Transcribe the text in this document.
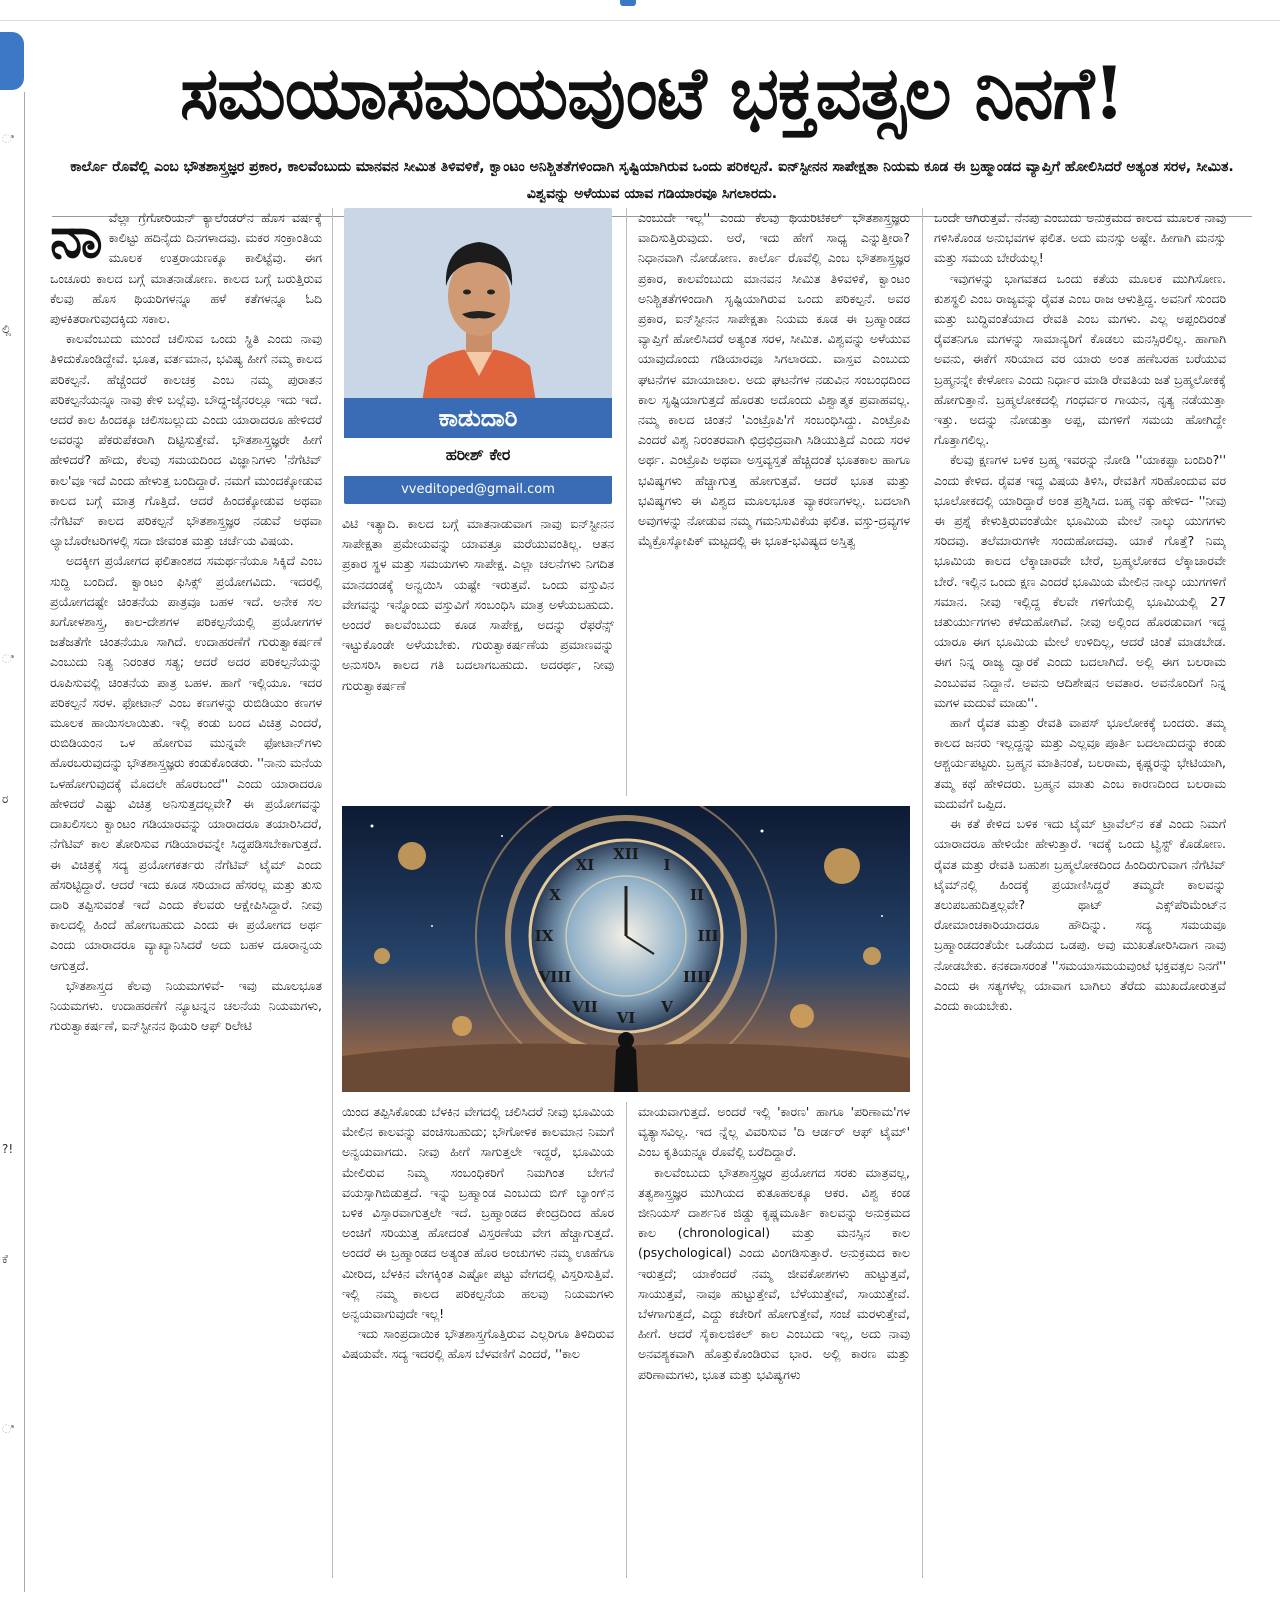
ಿ
ಲ್ಲಿ
ಿ
ರ
?!
ಕೆ
ಿ
ಸಮಯಾಸಮಯವುಂಟೆ ಭಕ್ತವತ್ಸಲ ನಿನಗೆ!

ಕಾರ್ಲೊ ರೊವೆಲ್ಲಿ ಎಂಬ ಭೌತಶಾಸ್ತ್ರಜ್ಞರ ಪ್ರಕಾರ, ಕಾಲವೆಂಬುದು ಮಾನವನ ಸೀಮಿತ ತಿಳಿವಳಿಕೆ, ಕ್ವಾಂಟಂ ಅನಿಶ್ಚಿತತೆಗಳಿಂದಾಗಿ ಸೃಷ್ಟಿಯಾಗಿರುವ ಒಂದು ಪರಿಕಲ್ಪನೆ. ಐನ್‌ಸ್ಟೀನನ ಸಾಪೇಕ್ಷತಾ ನಿಯಮ ಕೂಡ ಈ ಬ್ರಹ್ಮಾಂಡದ ವ್ಯಾಪ್ತಿಗೆ ಹೋಲಿಸಿದರೆ ಅತ್ಯಂತ ಸರಳ, ಸೀಮಿತ. ವಿಶ್ವವನ್ನು ಅಳೆಯುವ ಯಾವ ಗಡಿಯಾರವೂ ಸಿಗಲಾರದು.

ನಾ ವೆಲ್ಲಾ ಗ್ರೆಗೋರಿಯನ್ ಕ್ಯಾಲೆಂಡರ್‌ನ ಹೊಸ ವರ್ಷಕ್ಕೆ ಕಾಲಿಟ್ಟು ಹದಿನೈದು ದಿನಗಳಾದವು. ಮಕರ ಸಂಕ್ರಾಂತಿಯ ಮೂಲಕ ಉತ್ತರಾಯಣಕ್ಕೂ ಕಾಲಿಟ್ಟೆವು. ಈಗ ಒಂಚೂರು ಕಾಲದ ಬಗ್ಗೆ ಮಾತನಾಡೋಣ. ಕಾಲದ ಬಗ್ಗೆ ಬರುತ್ತಿರುವ ಕೆಲವು ಹೊಸ ಥಿಯರಿಗಳನ್ನೂ ಹಳೆ ಕತೆಗಳನ್ನೂ ಓದಿ ಪುಳಕಿತರಾಗುವುದಕ್ಕಿದು ಸಕಾಲ.

ಕಾಲವೆಂಬುದು ಮುಂದೆ ಚಲಿಸುವ ಒಂದು ಸ್ಥಿತಿ ಎಂದು ನಾವು ತಿಳಿದುಕೊಂಡಿದ್ದೇವೆ. ಭೂತ, ವರ್ತಮಾನ, ಭವಿಷ್ಯ ಹೀಗೆ ನಮ್ಮ ಕಾಲದ ಪರಿಕಲ್ಪನೆ. ಹೆಚ್ಚೆಂದರೆ ಕಾಲಚಕ್ರ ಎಂಬ ನಮ್ಮ ಪುರಾತನ ಪರಿಕಲ್ಪನೆಯನ್ನೂ ನಾವು ಕೇಳಿ ಬಲ್ಲೆವು. ಬೌದ್ಧ-ಜೈನರಲ್ಲೂ ಇದು ಇದೆ. ಆದರೆ ಕಾಲ ಹಿಂದಕ್ಕೂ ಚಲಿಸಬಲ್ಲುದು ಎಂದು ಯಾರಾದರೂ ಹೇಳಿದರೆ ಅವರನ್ನು ಪೆಕರುಪೆಕರಾಗಿ ದಿಟ್ಟಿಸುತ್ತೇವೆ. ಭೌತಶಾಸ್ತ್ರಜ್ಞರೇ ಹೀಗೆ ಹೇಳಿದರೆ? ಹೌದು, ಕೆಲವು ಸಮಯದಿಂದ ವಿಜ್ಞಾನಿಗಳು 'ನೆಗೆಟಿವ್ ಕಾಲ'ವೂ ಇದೆ ಎಂದು ಹೇಳುತ್ತ ಬಂದಿದ್ದಾರೆ. ನಮಗೆ ಮುಂದಕ್ಕೋಡುವ ಕಾಲದ ಬಗ್ಗೆ ಮಾತ್ರ ಗೊತ್ತಿದೆ. ಆದರೆ ಹಿಂದಕ್ಕೋಡುವ ಅಥವಾ ನೆಗೆಟಿವ್ ಕಾಲದ ಪರಿಕಲ್ಪನೆ ಭೌತಶಾಸ್ತ್ರಜ್ಞರ ನಡುವೆ ಅಥವಾ ಲ್ಯಾಬೊರೇಟರಿಗಳಲ್ಲಿ ಸದಾ ಜೀವಂತ ಮತ್ತು ಚರ್ಚೆಯ ವಿಷಯ.

ಅದಕ್ಕೀಗ ಪ್ರಯೋಗದ ಫಲಿತಾಂಶದ ಸಮರ್ಥನೆಯೂ ಸಿಕ್ಕಿದೆ ಎಂಬ ಸುದ್ದಿ ಬಂದಿದೆ. ಕ್ವಾಂಟಂ ಫಿಸಿಕ್ಸ್ ಪ್ರಯೋಗವಿದು. ಇದರಲ್ಲಿ ಪ್ರಯೋಗದಷ್ಟೇ ಚಿಂತನೆಯ ಪಾತ್ರವೂ ಬಹಳ ಇದೆ. ಅನೇಕ ಸಲ ಖಗೋಳಶಾಸ್ತ್ರ, ಕಾಲ-ದೇಶಗಳ ಪರಿಕಲ್ಪನೆಯಲ್ಲಿ ಪ್ರಯೋಗಗಳ ಜತೆಜತೆಗೇ ಚಿಂತನೆಯೂ ಸಾಗಿದೆ. ಉದಾಹರಣೆಗೆ ಗುರುತ್ವಾಕರ್ಷಣೆ ಎಂಬುದು ನಿತ್ಯ ನಿರಂತರ ಸತ್ಯ; ಆದರೆ ಅದರ ಪರಿಕಲ್ಪನೆಯನ್ನು ರೂಪಿಸುವಲ್ಲಿ ಚಿಂತನೆಯ ಪಾತ್ರ ಬಹಳ. ಹಾಗೆ ಇಲ್ಲಿಯೂ. ಇದರ ಪರಿಕಲ್ಪನೆ ಸರಳ. ಫೋಟಾನ್ ಎಂಬ ಕಣಗಳನ್ನು ರುಬಿಡಿಯಂ ಕಣಗಳ ಮೂಲಕ ಹಾಯಿಸಲಾಯಿತು. ಇಲ್ಲಿ ಕಂಡು ಬಂದ ವಿಚಿತ್ರ ಎಂದರೆ, ರುಬಿಡಿಯಂನ ಒಳ ಹೋಗುವ ಮುನ್ನವೇ ಫೋಟಾನ್‌ಗಳು ಹೊರಬರುವುದನ್ನು ಭೌತಶಾಸ್ತ್ರಜ್ಞರು ಕಂಡುಕೊಂಡರು. ''ನಾನು ಮನೆಯ ಒಳಹೋಗುವುದಕ್ಕೆ ಮೊದಲೇ ಹೊರಬಂದೆ'' ಎಂದು ಯಾರಾದರೂ ಹೇಳಿದರೆ ಎಷ್ಟು ವಿಚಿತ್ರ ಅನಿಸುತ್ತದಲ್ಲವೇ? ಈ ಪ್ರಯೋಗವನ್ನು ದಾಖಲಿಸಲು ಕ್ವಾಂಟಂ ಗಡಿಯಾರವನ್ನು ಯಾರಾದರೂ ತಯಾರಿಸಿದರೆ, ನೆಗೆಟಿವ್ ಕಾಲ ತೋರಿಸುವ ಗಡಿಯಾರವನ್ನೇ ಸಿದ್ಧಪಡಿಸಬೇಕಾಗುತ್ತದೆ. ಈ ವಿಚಿತ್ರಕ್ಕೆ ಸದ್ಯ ಪ್ರಯೋಗಕರ್ತರು ನೆಗೆಟಿವ್ ಟೈಮ್ ಎಂದು ಹೆಸರಿಟ್ಟಿದ್ದಾರೆ. ಆದರೆ ಇದು ಕೂಡ ಸರಿಯಾದ ಹೆಸರಲ್ಲ ಮತ್ತು ತುಸು ದಾರಿ ತಪ್ಪಿಸುವಂತೆ ಇದೆ ಎಂದು ಕೆಲವರು ಆಕ್ಷೇಪಿಸಿದ್ದಾರೆ. ನೀವು ಕಾಲದಲ್ಲಿ ಹಿಂದೆ ಹೋಗಬಹುದು ಎಂದು ಈ ಪ್ರಯೋಗದ ಅರ್ಥ ಎಂದು ಯಾರಾದರೂ ವ್ಯಾಖ್ಯಾನಿಸಿದರೆ ಅದು ಬಹಳ ದೂರಾನ್ವಯ ಆಗುತ್ತದೆ.

ಭೌತಶಾಸ್ತ್ರದ ಕೆಲವು ನಿಯಮಗಳಿವೆ- ಇವು ಮೂಲಭೂತ ನಿಯಮಗಳು. ಉದಾಹರಣೆಗೆ ನ್ಯೂಟನ್ನನ ಚಲನೆಯ ನಿಯಮಗಳು, ಗುರುತ್ವಾಕರ್ಷಣೆ, ಐನ್‌ಸ್ಟೀನನ ಥಿಯರಿ ಆಫ್ ರಿಲೇಟಿ

ಕಾಡುದಾರಿ
ಹರೀಶ್ ಕೇರ
vveditoped@gmail.com

ವಿಟಿ ಇತ್ಯಾದಿ. ಕಾಲದ ಬಗ್ಗೆ ಮಾತನಾಡುವಾಗ ನಾವು ಐನ್‌ಸ್ಟೀನನ ಸಾಪೇಕ್ಷತಾ ಪ್ರಮೇಯವನ್ನು ಯಾವತ್ತೂ ಮರೆಯುವಂತಿಲ್ಲ. ಆತನ ಪ್ರಕಾರ ಸ್ಥಳ ಮತ್ತು ಸಮಯಗಳು ಸಾಪೇಕ್ಷ. ಎಲ್ಲಾ ಚಲನೆಗಳು ನಿಗದಿತ ಮಾನದಂಡಕ್ಕೆ ಅನ್ವಯಿಸಿ ಯಷ್ಟೇ ಇರುತ್ತವೆ. ಒಂದು ವಸ್ತುವಿನ ವೇಗವನ್ನು ಇನ್ನೊಂದು ವಸ್ತುವಿಗೆ ಸಂಬಂಧಿಸಿ ಮಾತ್ರ ಅಳೆಯಬಹುದು. ಅಂದರೆ ಕಾಲವೆಂಬುದು ಕೂಡ ಸಾಪೇಕ್ಷ, ಅದನ್ನು ರೆಫರೆನ್ಸ್ ಇಟ್ಟುಕೊಂಡೇ ಅಳೆಯಬೇಕು. ಗುರುತ್ವಾಕರ್ಷಣೆಯ ಪ್ರಮಾಣವನ್ನು ಅನುಸರಿಸಿ ಕಾಲದ ಗತಿ ಬದಲಾಗಬಹುದು. ಅದರರ್ಥ, ನೀವು ಗುರುತ್ವಾಕರ್ಷಣೆ

ಯಿಂದ ತಪ್ಪಿಸಿಕೊಂಡು ಬೆಳಕಿನ ವೇಗದಲ್ಲಿ ಚಲಿಸಿದರೆ ನೀವು ಭೂಮಿಯ ಮೇಲಿನ ಕಾಲವನ್ನು ವಂಚಿಸಬಹುದು; ಭೌಗೋಳಿಕ ಕಾಲಮಾನ ನಿಮಗೆ ಅನ್ವಯವಾಗದು. ನೀವು ಹೀಗೆ ಸಾಗುತ್ತಲೇ ಇದ್ದರೆ, ಭೂಮಿಯ ಮೇಲಿರುವ ನಿಮ್ಮ ಸಂಬಂಧಿಕರಿಗೆ ನಿಮಗಿಂತ ಬೇಗನೆ ವಯಸ್ಸಾಗಿಬಿಡುತ್ತದೆ. ಇನ್ನು ಬ್ರಹ್ಮಾಂಡ ಎಂಬುದು ಬಿಗ್ ಬ್ಯಾಂಗ್‌ನ ಬಳಿಕ ವಿಸ್ತಾರವಾಗುತ್ತಲೇ ಇದೆ. ಬ್ರಹ್ಮಾಂಡದ ಕೇಂದ್ರದಿಂದ ಹೊರ ಅಂಚಿಗೆ ಸರಿಯುತ್ತ ಹೋದಂತೆ ವಿಸ್ತರಣೆಯ ವೇಗ ಹೆಚ್ಚಾಗುತ್ತದೆ. ಅಂದರೆ ಈ ಬ್ರಹ್ಮಾಂಡದ ಅತ್ಯಂತ ಹೊರ ಅಂಚುಗಳು ನಮ್ಮ ಊಹೆಗೂ ಮೀರಿದ, ಬೆಳಕಿನ ವೇಗಕ್ಕಿಂತ ಎಷ್ಟೋ ಪಟ್ಟು ವೇಗದಲ್ಲಿ ವಿಸ್ತರಿಸುತ್ತಿವೆ. ಇಲ್ಲಿ ನಮ್ಮ ಕಾಲದ ಪರಿಕಲ್ಪನೆಯ ಹಲವು ನಿಯಮಗಳು ಅನ್ವಯವಾಗುವುದೇ ಇಲ್ಲ!

ಇದು ಸಾಂಪ್ರದಾಯಿಕ ಭೌತಶಾಸ್ತ್ರಗೊತ್ತಿರುವ ಎಲ್ಲರಿಗೂ ತಿಳಿದಿರುವ ವಿಷಯವೇ. ಸದ್ಯ ಇದರಲ್ಲಿ ಹೊಸ ಬೆಳವಣಿಗೆ ಎಂದರೆ, ''ಕಾಲ

ಎಂಬುದೇ ಇಲ್ಲ'' ಎಂದು ಕೆಲವು ಥಿಯರಿಟಿಕಲ್ ಭೌತಶಾಸ್ತ್ರಜ್ಞರು ವಾದಿಸುತ್ತಿರುವುದು. ಅರೆ, ಇದು ಹೇಗೆ ಸಾಧ್ಯ ಎನ್ನುತ್ತೀರಾ? ನಿಧಾನವಾಗಿ ನೋಡೋಣ. ಕಾರ್ಲೊ ರೊವೆಲ್ಲಿ ಎಂಬ ಭೌತಶಾಸ್ತ್ರಜ್ಞರ ಪ್ರಕಾರ, ಕಾಲವೆಂಬುದು ಮಾನವನ ಸೀಮಿತ ತಿಳಿವಳಿಕೆ, ಕ್ವಾಂಟಂ ಅನಿಶ್ಚಿತತೆಗಳಿಂದಾಗಿ ಸೃಷ್ಟಿಯಾಗಿರುವ ಒಂದು ಪರಿಕಲ್ಪನೆ. ಅವರ ಪ್ರಕಾರ, ಐನ್‌ಸ್ಟೀನನ ಸಾಪೇಕ್ಷತಾ ನಿಯಮ ಕೂಡ ಈ ಬ್ರಹ್ಮಾಂಡದ ವ್ಯಾಪ್ತಿಗೆ ಹೋಲಿಸಿದರೆ ಅತ್ಯಂತ ಸರಳ, ಸೀಮಿತ. ವಿಶ್ವವನ್ನು ಅಳೆಯುವ ಯಾವುದೊಂದು ಗಡಿಯಾರವೂ ಸಿಗಲಾರದು. ವಾಸ್ತವ ಎಂಬುದು ಘಟನೆಗಳ ಮಾಯಾಜಾಲ. ಅದು ಘಟನೆಗಳ ನಡುವಿನ ಸಂಬಂಧದಿಂದ ಕಾಲ ಸೃಷ್ಟಿಯಾಗುತ್ತದೆ ಹೊರತು ಅದೊಂದು ವಿಶ್ವಾತ್ಮಕ ಪ್ರವಾಹವಲ್ಲ. ನಮ್ಮ ಕಾಲದ ಚಿಂತನೆ 'ಎಂಟ್ರೊಪಿ'ಗೆ ಸಂಬಂಧಿಸಿದ್ದು. ಎಂಟ್ರೊಪಿ ಎಂದರೆ ವಿಶ್ವ ನಿರಂತರವಾಗಿ ಛಿದ್ರಛಿದ್ರವಾಗಿ ಸಿಡಿಯುತ್ತಿದೆ ಎಂದು ಸರಳ ಅರ್ಥ. ಎಂಟ್ರೊಪಿ ಅಥವಾ ಅಸ್ತವ್ಯಸ್ತತೆ ಹೆಚ್ಚಿದಂತೆ ಭೂತಕಾಲ ಹಾಗೂ ಭವಿಷ್ಯಗಳು ಹೆಚ್ಚಾಗುತ್ತ ಹೋಗುತ್ತವೆ. ಆದರೆ ಭೂತ ಮತ್ತು ಭವಿಷ್ಯಗಳು ಈ ವಿಶ್ವದ ಮೂಲಭೂತ ವ್ಯಾಕರಣಗಳಲ್ಲ. ಬದಲಾಗಿ ಅವುಗಳನ್ನು ನೋಡುವ ನಮ್ಮ ಗಮನಿಸುವಿಕೆಯ ಫಲಿತ. ವಸ್ತು-ದ್ರವ್ಯಗಳ ಮೈಕ್ರೊಸ್ಕೋಪಿಕ್ ಮಟ್ಟದಲ್ಲಿ ಈ ಭೂತ-ಭವಿಷ್ಯದ ಅಸ್ತಿತ್ವ

ಮಾಯವಾಗುತ್ತದೆ. ಅಂದರೆ ಇಲ್ಲಿ 'ಕಾರಣ' ಹಾಗೂ 'ಪರಿಣಾಮ'ಗಳ ವ್ಯತ್ಯಾಸವಿಲ್ಲ. ಇದ ನ್ನೆಲ್ಲ ವಿವರಿಸುವ 'ದಿ ಆರ್ಡರ್ ಆಫ್ ಟೈಮ್' ಎಂಬ ಕೃತಿಯನ್ನೂ ರೊವೆಲ್ಲಿ ಬರೆದಿದ್ದಾರೆ.

ಕಾಲವೆಂಬುದು ಭೌತಶಾಸ್ತ್ರಜ್ಞರ ಪ್ರಯೋಗದ ಸರಕು ಮಾತ್ರವಲ್ಲ, ತತ್ವಶಾಸ್ತ್ರಜ್ಞರ ಮುಗಿಯದ ಕುತೂಹಲಕ್ಕೂ ಆಕರ. ವಿಶ್ವ ಕಂಡ ಜೀನಿಯಸ್ ದಾರ್ಶನಿಕ ಜಿಡ್ಡು ಕೃಷ್ಣಮೂರ್ತಿ ಕಾಲವನ್ನು ಅನುಕ್ರಮದ ಕಾಲ (chronological) ಮತ್ತು ಮನಸ್ಸಿನ ಕಾಲ (psychological) ಎಂದು ವಿಂಗಡಿಸುತ್ತಾರೆ. ಅನುಕ್ರಮದ ಕಾಲ ಇರುತ್ತದೆ; ಯಾಕೆಂದರೆ ನಮ್ಮ ಜೀವಕೋಶಗಳು ಹುಟ್ಟುತ್ತವೆ, ಸಾಯುತ್ತವೆ, ನಾವೂ ಹುಟ್ಟುತ್ತೇವೆ, ಬೆಳೆಯುತ್ತೇವೆ, ಸಾಯುತ್ತೇವೆ. ಬೆಳಗಾಗುತ್ತದೆ, ಎದ್ದು ಕಚೇರಿಗೆ ಹೋಗುತ್ತೇವೆ, ಸಂಜೆ ಮರಳುತ್ತೇವೆ, ಹೀಗೆ. ಆದರೆ ಸೈಕಾಲಜಿಕಲ್ ಕಾಲ ಎಂಬುದು ಇಲ್ಲ, ಅದು ನಾವು ಅನವಶ್ಯಕವಾಗಿ ಹೊತ್ತುಕೊಂಡಿರುವ ಭಾರ. ಅಲ್ಲಿ ಕಾರಣ ಮತ್ತು ಪರಿಣಾಮಗಳು, ಭೂತ ಮತ್ತು ಭವಿಷ್ಯಗಳು

ಒಂದೇ ಆಗಿರುತ್ತವೆ. ನೆನಪು ಎಂಬುದು ಅನುಕ್ರಮದ ಕಾಲದ ಮೂಲಕ ನಾವು ಗಳಿಸಿಕೊಂಡ ಅನುಭವಗಳ ಫಲಿತ. ಅದು ಮನಸ್ಸು ಅಷ್ಟೇ. ಹೀಗಾಗಿ ಮನಸ್ಸು ಮತ್ತು ಸಮಯ ಬೇರೆಯಲ್ಲ!

ಇವುಗಳನ್ನು ಭಾಗವತದ ಒಂದು ಕತೆಯ ಮೂಲಕ ಮುಗಿಸೋಣ. ಕುಶಸ್ಥಲಿ ಎಂಬ ರಾಜ್ಯವನ್ನು ರೈವತ ಎಂಬ ರಾಜ ಆಳುತ್ತಿದ್ದ. ಅವನಿಗೆ ಸುಂದರಿ ಮತ್ತು ಬುದ್ಧಿವಂತೆಯಾದ ರೇವತಿ ಎಂಬ ಮಗಳು. ಎಲ್ಲ ಅಪ್ಪಂದಿರಂತೆ ರೈವತನಿಗೂ ಮಗಳನ್ನು ಸಾಮಾನ್ಯರಿಗೆ ಕೊಡಲು ಮನಸ್ಸಿರಲಿಲ್ಲ. ಹಾಗಾಗಿ ಅವನು, ಈಕೆಗೆ ಸರಿಯಾದ ವರ ಯಾರು ಅಂತ ಹಣೆಬರಹ ಬರೆಯುವ ಬ್ರಹ್ಮನನ್ನೇ ಕೇಳೋಣ ಎಂದು ನಿರ್ಧಾರ ಮಾಡಿ ರೇವತಿಯ ಜತೆ ಬ್ರಹ್ಮಲೋಕಕ್ಕೆ ಹೋಗುತ್ತಾನೆ. ಬ್ರಹ್ಮಲೋಕದಲ್ಲಿ ಗಂಧರ್ವರ ಗಾಯನ, ನೃತ್ಯ ನಡೆಯುತ್ತಾ ಇತ್ತು. ಅದನ್ನು ನೋಡುತ್ತಾ ಅಪ್ಪ, ಮಗಳಿಗೆ ಸಮಯ ಹೋಗಿದ್ದೇ ಗೊತ್ತಾಗಲಿಲ್ಲ.

ಕೆಲವು ಕ್ಷಣಗಳ ಬಳಿಕ ಬ್ರಹ್ಮ ಇವರನ್ನು ನೋಡಿ ''ಯಾಕಪ್ಪಾ ಬಂದಿರಿ?'' ಎಂದು ಕೇಳಿದ. ರೈವತ ಇದ್ದ ವಿಷಯ ತಿಳಿಸಿ, ರೇವತಿಗೆ ಸರಿಹೊಂದುವ ವರ ಭೂಲೋಕದಲ್ಲಿ ಯಾರಿದ್ದಾರೆ ಅಂತ ಪ್ರಶ್ನಿಸಿದ. ಬಹ್ಮ ನಕ್ಕು ಹೇಳಿದ- ''ನೀವು ಈ ಪ್ರಶ್ನೆ ಕೇಳುತ್ತಿರುವಂತೆಯೇ ಭೂಮಿಯ ಮೇಲೆ ನಾಲ್ಕು ಯುಗಗಳು ಸರಿದವು. ತಲೆಮಾರುಗಳೇ ಸಂದುಹೋದವು. ಯಾಕೆ ಗೊತ್ತೆ? ನಿಮ್ಮ ಭೂಮಿಯ ಕಾಲದ ಲೆಕ್ಕಾಚಾರವೇ ಬೇರೆ, ಬ್ರಹ್ಮಲೋಕದ ಲೆಕ್ಕಾಚಾರವೇ ಬೇರೆ. ಇಲ್ಲಿನ ಒಂದು ಕ್ಷಣ ಎಂದರೆ ಭೂಮಿಯ ಮೇಲಿನ ನಾಲ್ಕು ಯುಗಗಳಿಗೆ ಸಮಾನ. ನೀವು ಇಲ್ಲಿದ್ದ ಕೆಲವೇ ಗಳಿಗೆಯಲ್ಲಿ ಭೂಮಿಯಲ್ಲಿ 27 ಚತುರ್ಯುಗಗಳು ಕಳೆದುಹೋಗಿವೆ. ನೀವು ಅಲ್ಲಿಂದ ಹೊರಡುವಾಗ ಇದ್ದ ಯಾರೂ ಈಗ ಭೂಮಿಯ ಮೇಲೆ ಉಳಿದಿಲ್ಲ, ಆದರೆ ಚಿಂತೆ ಮಾಡಬೇಡ. ಈಗ ನಿನ್ನ ರಾಜ್ಯ ದ್ವಾರಕೆ ಎಂದು ಬದಲಾಗಿದೆ. ಅಲ್ಲಿ ಈಗ ಬಲರಾಮ ಎಂಬುವವ ನಿದ್ದಾನೆ. ಅವನು ಆದಿಶೇಷನ ಅವತಾರ. ಅವನೊಂದಿಗೆ ನಿನ್ನ ಮಗಳ ಮದುವೆ ಮಾಡು''.

ಹಾಗೆ ರೈವತ ಮತ್ತು ರೇವತಿ ವಾಪಸ್ ಭೂಲೋಕಕ್ಕೆ ಬಂದರು. ತಮ್ಮ ಕಾಲದ ಜನರು ಇಲ್ಲದ್ದನ್ನು ಮತ್ತು ಎಲ್ಲವೂ ಪೂರ್ತಿ ಬದಲಾದುದನ್ನು ಕಂಡು ಆಶ್ಚರ್ಯಪಟ್ಟರು. ಬ್ರಹ್ಮನ ಮಾತಿನಂತೆ, ಬಲರಾಮ, ಕೃಷ್ಣರನ್ನು ಭೇಟಿಯಾಗಿ, ತಮ್ಮ ಕಥೆ ಹೇಳಿದರು. ಬ್ರಹ್ಮನ ಮಾತು ಎಂಬ ಕಾರಣದಿಂದ ಬಲರಾಮ ಮದುವೆಗೆ ಒಪ್ಪಿದ.

ಈ ಕತೆ ಕೇಳಿದ ಬಳಿಕ ಇದು ಟೈಮ್ ಟ್ರಾವೆಲ್‌ನ ಕತೆ ಎಂದು ನಿಮಗೆ ಯಾರಾದರೂ ಹೇಳಿಯೇ ಹೇಳುತ್ತಾರೆ. ಇದಕ್ಕೆ ಒಂದು ಟ್ವಿಸ್ಟ್ ಕೊಡೋಣ. ರೈವತ ಮತ್ತು ರೇವತಿ ಬಹುಶಃ ಬ್ರಹ್ಮಲೋಕದಿಂದ ಹಿಂದಿರುಗುವಾಗ ನೆಗೆಟಿವ್ ಟೈಮ್‌ನಲ್ಲಿ ಹಿಂದಕ್ಕೆ ಪ್ರಯಾಣಿಸಿದ್ದರೆ ತಮ್ಮದೇ ಕಾಲವನ್ನು ತಲುಪಬಹುದಿತ್ತಲ್ಲವೇ? ಥಾಟ್ ಎಕ್ಸ್‌ಪೆರಿಮೆಂಟ್‌ನ ರೋಮಾಂಚಕಾರಿಯಾದರೂ ಹೌದಿನ್ನು. ಸದ್ಯ ಸಮಯವೂ ಬ್ರಹ್ಮಾಂಡದಂತೆಯೇ ಒಡೆಯದ ಒಡಪು. ಅವು ಮುಖತೋರಿಸಿದಾಗ ನಾವು ನೋಡಬೇಕು. ಕನಕದಾಸರಂತೆ ''ಸಮಯಾಸಮಯವುಂಟೆ ಭಕ್ತವತ್ಸಲ ನಿನಗೆ'' ಎಂದು ಈ ಸತ್ಯಗಳೆಲ್ಲ ಯಾವಾಗ ಬಾಗಿಲು ತೆರೆದು ಮುಖದೋರುತ್ತವೆ ಎಂದು ಕಾಯಬೇಕು.

XII
I
II
III
IIII
V
VI
VII
VIII
IX
X
XI
